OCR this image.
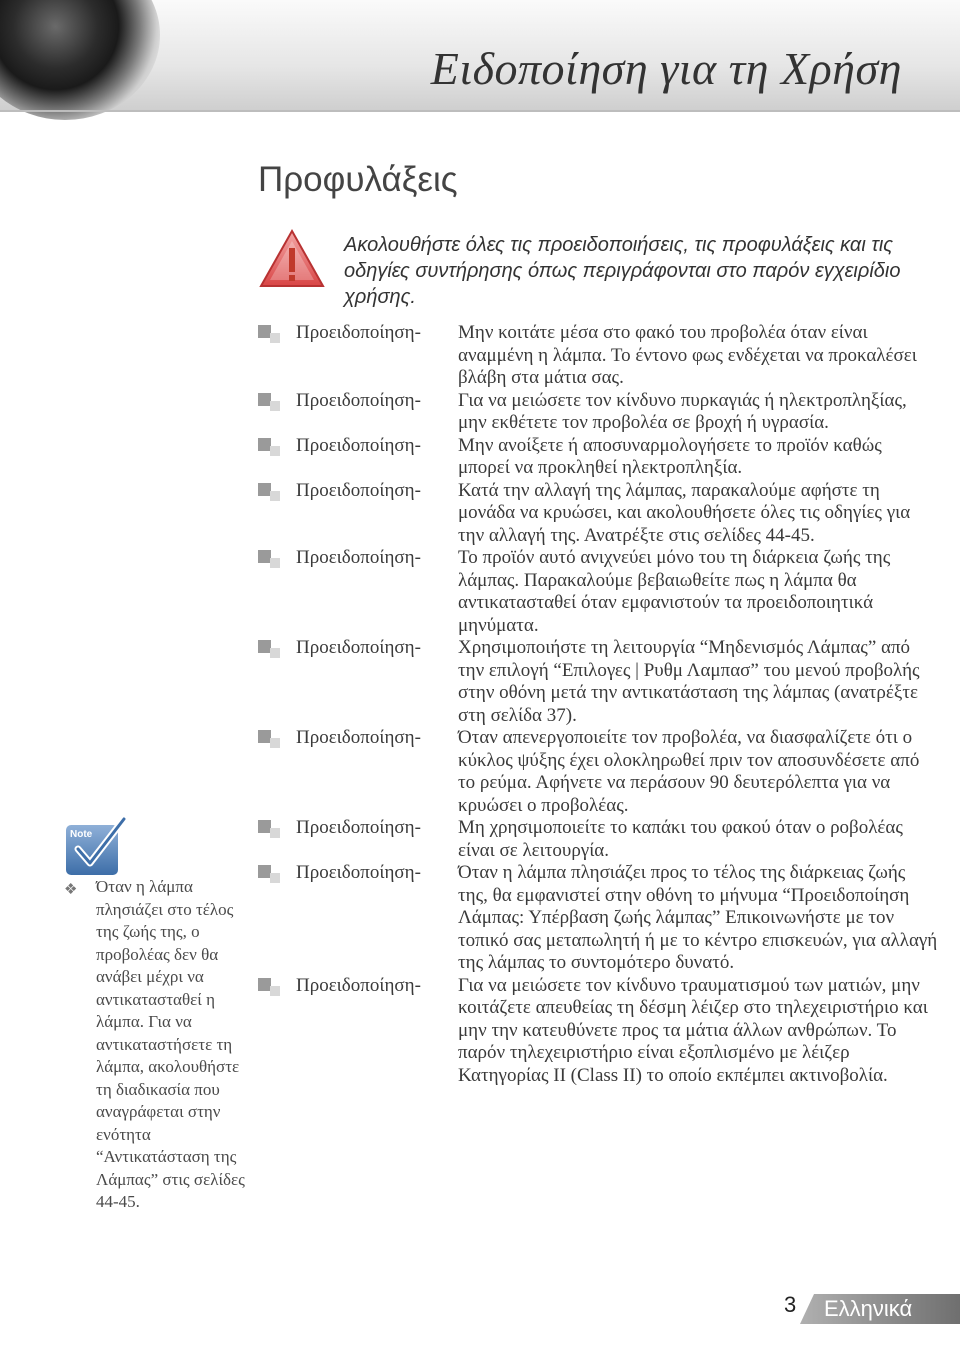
Ειδοποίηση για τη Χρήση
Προφυλάξεις
Ακολουθήστε όλες τις προειδοποιήσεις, τις προφυλάξεις και τις οδηγίες συντήρησης όπως περιγράφονται στο παρόν εγχειρίδιο χρήσης.
Προειδοποίηση-	Μην κοιτάτε μέσα στο φακό του προβολέα όταν είναι αναμμένη η λάμπα. Το έντονο φως ενδέχεται να προκαλέσει βλάβη στα μάτια σας.
Προειδοποίηση-	Για να μειώσετε τον κίνδυνο πυρκαγιάς ή ηλεκτροπληξίας, μην εκθέτετε τον προβολέα σε βροχή ή υγρασία.
Προειδοποίηση-	Μην ανοίξετε ή αποσυναρμολογήσετε το προϊόν καθώς μπορεί να προκληθεί ηλεκτροπληξία.
Προειδοποίηση-	Κατά την αλλαγή της λάμπας, παρακαλούμε αφήστε τη μονάδα να κρυώσει, και ακολουθήσετε όλες τις οδηγίες για την αλλαγή της. Ανατρέξτε στις σελίδες 44-45.
Προειδοποίηση-	Το προϊόν αυτό ανιχνεύει μόνο του τη διάρκεια ζωής της λάμπας. Παρακαλούμε βεβαιωθείτε πως η λάμπα θα αντικατασταθεί όταν εμφανιστούν τα προειδοποιητικά μηνύματα.
Προειδοποίηση-	Χρησιμοποιήστε τη λειτουργία “Μηδενισμός Λάμπας” από την επιλογή “Επιλογες | Ρυθμ Λαμπασ” του μενού προβολής στην οθόνη μετά την αντικατάσταση της λάμπας (ανατρέξτε στη σελίδα 37).
Προειδοποίηση-	Όταν απενεργοποιείτε τον προβολέα, να διασφαλίζετε ότι ο κύκλος ψύξης έχει ολοκληρωθεί πριν τον αποσυνδέσετε από το ρεύμα. Αφήνετε να περάσουν 90 δευτερόλεπτα για να κρυώσει ο προβολέας.
Προειδοποίηση-	Μη χρησιμοποιείτε το καπάκι του φακού όταν ο ροβολέας είναι σε λειτουργία.
Προειδοποίηση-	Όταν η λάμπα πλησιάζει προς το τέλος της διάρκειας ζωής της, θα εμφανιστεί στην οθόνη το μήνυμα “Προειδοποίηση Λάμπας: Υπέρβαση ζωής λάμπας” Επικοινωνήστε με τον τοπικό σας μεταπωλητή ή με το κέντρο επισκευών, για αλλαγή της λάμπας το συντομότερο δυνατό.
Προειδοποίηση-	Για να μειώσετε τον κίνδυνο τραυματισμού των ματιών, μην κοιτάζετε απευθείας τη δέσμη λέιζερ στο τηλεχειριστήριο και μην την κατευθύνετε προς τα μάτια άλλων ανθρώπων. Το παρόν τηλεχειριστήριο είναι εξοπλισμένο με λέιζερ Κατηγορίας II (Class II) το οποίο εκπέμπει ακτινοβολία.
Note
❖ Όταν η λάμπα πλησιάζει στο τέλος της ζωής της, ο προβολέας δεν θα ανάβει μέχρι να αντικατασταθεί η λάμπα. Για να αντικαταστήσετε τη λάμπα, ακολουθήστε τη διαδικασία που αναγράφεται στην ενότητα “Αντικατάσταση της Λάμπας” στις σελίδες 44-45.
3 Ελληνικά
